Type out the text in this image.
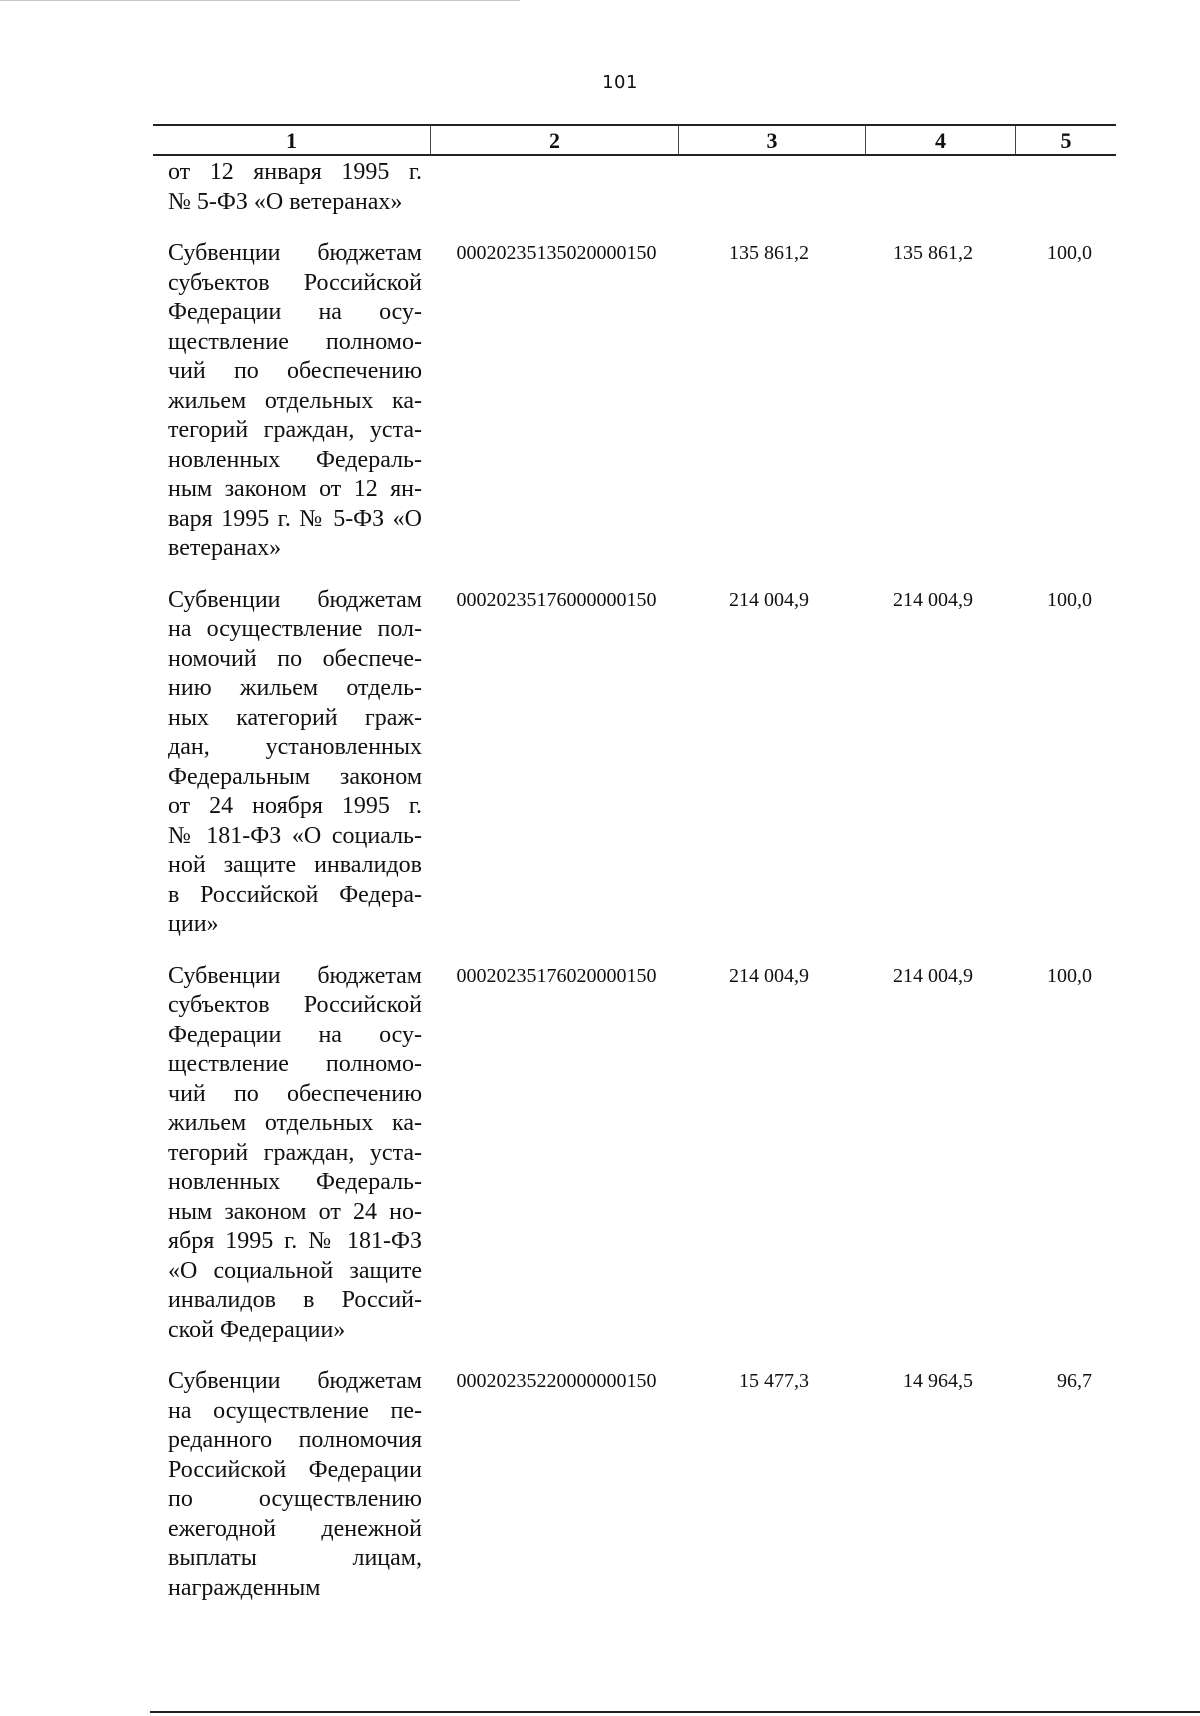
101
1	2	3	4	5
от 12 января 1995 г.
№ 5-ФЗ «О ветеранах»
Субвенции бюджетам
субъектов Российской
Федерации на осу-
ществление полномо-
чий по обеспечению
жильем отдельных ка-
тегорий граждан, уста-
новленных Федераль-
ным законом от 12 ян-
варя 1995 г. № 5-ФЗ «О
ветеранах»
00020235135020000150	135 861,2	135 861,2	100,0
Субвенции бюджетам
на осуществление пол-
номочий по обеспече-
нию жильем отдель-
ных категорий граж-
дан, установленных
Федеральным законом
от 24 ноября 1995 г.
№ 181-ФЗ «О социаль-
ной защите инвалидов
в Российской Федера-
ции»
00020235176000000150	214 004,9	214 004,9	100,0
Субвенции бюджетам
субъектов Российской
Федерации на осу-
ществление полномо-
чий по обеспечению
жильем отдельных ка-
тегорий граждан, уста-
новленных Федераль-
ным законом от 24 но-
ября 1995 г. № 181-ФЗ
«О социальной защите
инвалидов в Россий-
ской Федерации»
00020235176020000150	214 004,9	214 004,9	100,0
Субвенции бюджетам
на осуществление пе-
реданного полномочия
Российской Федерации
по осуществлению
ежегодной денежной
выплаты лицам,
награжденным
00020235220000000150	15 477,3	14 964,5	96,7
